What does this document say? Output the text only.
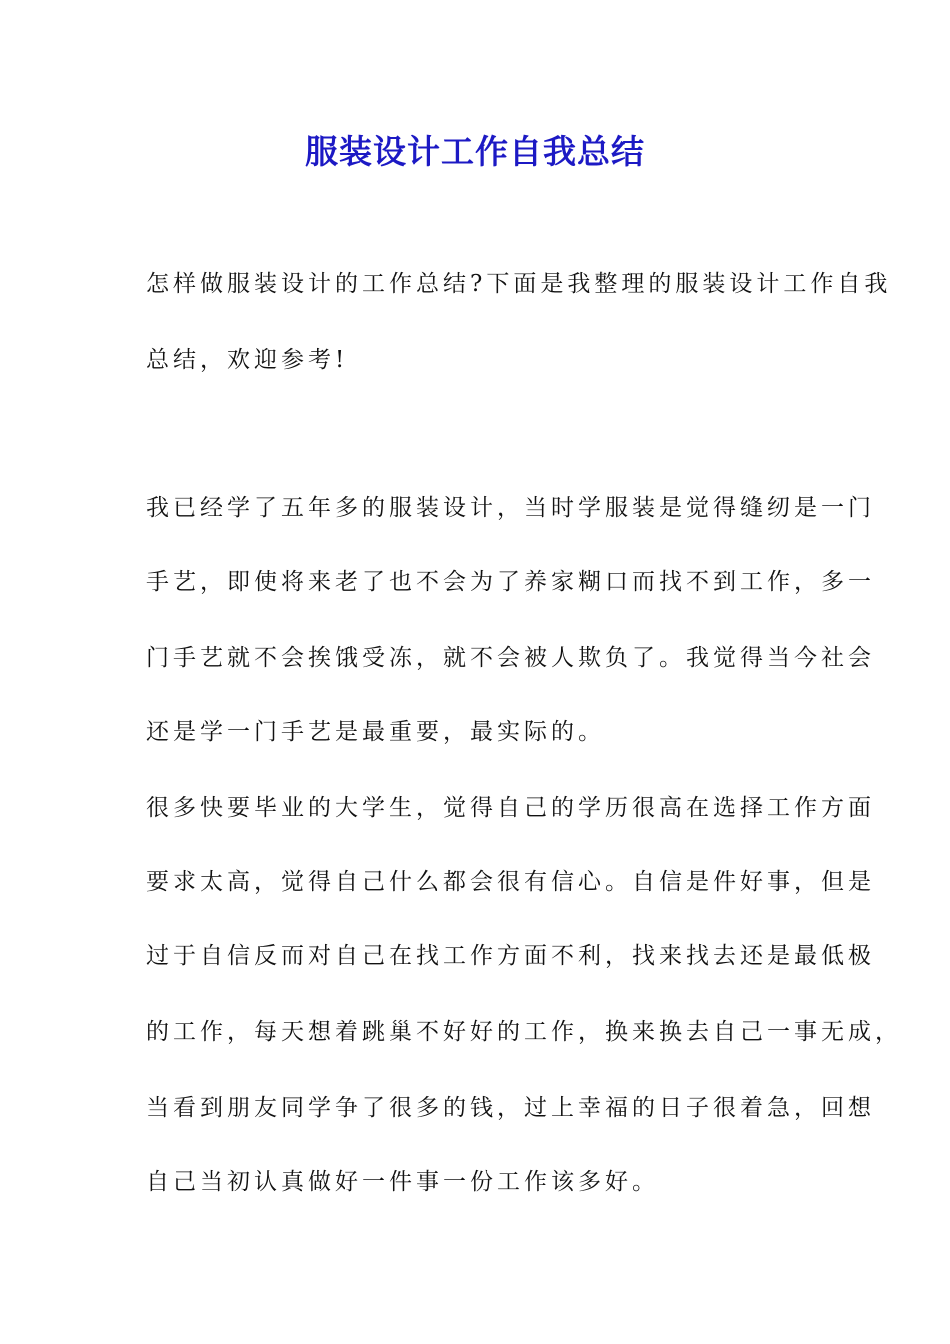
服装设计工作自我总结

怎样做服装设计的工作总结?下面是我整理的服装设计工作自我

总结，欢迎参考!

我已经学了五年多的服装设计，当时学服装是觉得缝纫是一门

手艺，即使将来老了也不会为了养家糊口而找不到工作，多一

门手艺就不会挨饿受冻，就不会被人欺负了。我觉得当今社会

还是学一门手艺是最重要，最实际的。

很多快要毕业的大学生，觉得自己的学历很高在选择工作方面

要求太高，觉得自己什么都会很有信心。自信是件好事，但是

过于自信反而对自己在找工作方面不利，找来找去还是最低极

的工作，每天想着跳巢不好好的工作，换来换去自己一事无成，

当看到朋友同学争了很多的钱，过上幸福的日子很着急，回想

自己当初认真做好一件事一份工作该多好。
